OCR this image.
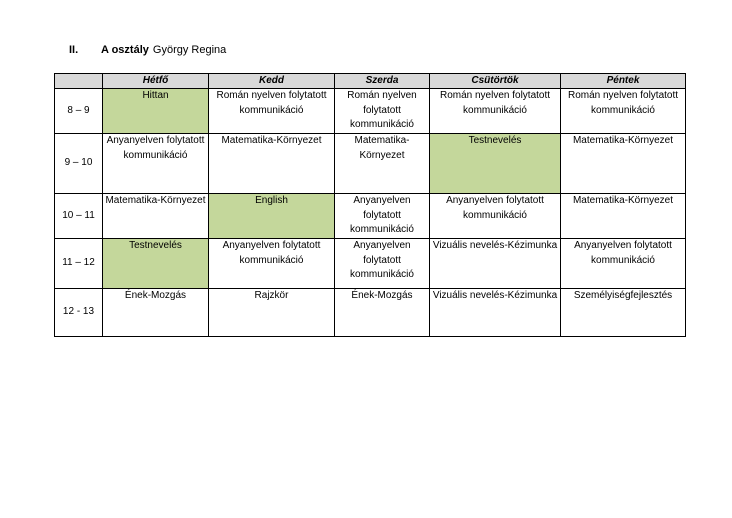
II. A osztály György Regina
	Hétfő	Kedd	Szerda	Csütörtök	Péntek
8 – 9	Hittan	Román nyelven folytatott kommunikáció	Román nyelven folytatott kommunikáció	Román nyelven folytatott kommunikáció	Román nyelven folytatott kommunikáció
9 – 10	Anyanyelven folytatott kommunikáció	Matematika-Környezet	Matematika-Környezet	Testnevelés	Matematika-Környezet
10 – 11	Matematika-Környezet	English	Anyanyelven folytatott kommunikáció	Anyanyelven folytatott kommunikáció	Matematika-Környezet
11 – 12	Testnevelés	Anyanyelven folytatott kommunikáció	Anyanyelven folytatott kommunikáció	Vizuális nevelés-Kézimunka	Anyanyelven folytatott kommunikáció
12 - 13	Ének-Mozgás	Rajzkör	Ének-Mozgás	Vizuális nevelés-Kézimunka	Személyiségfejlesztés
